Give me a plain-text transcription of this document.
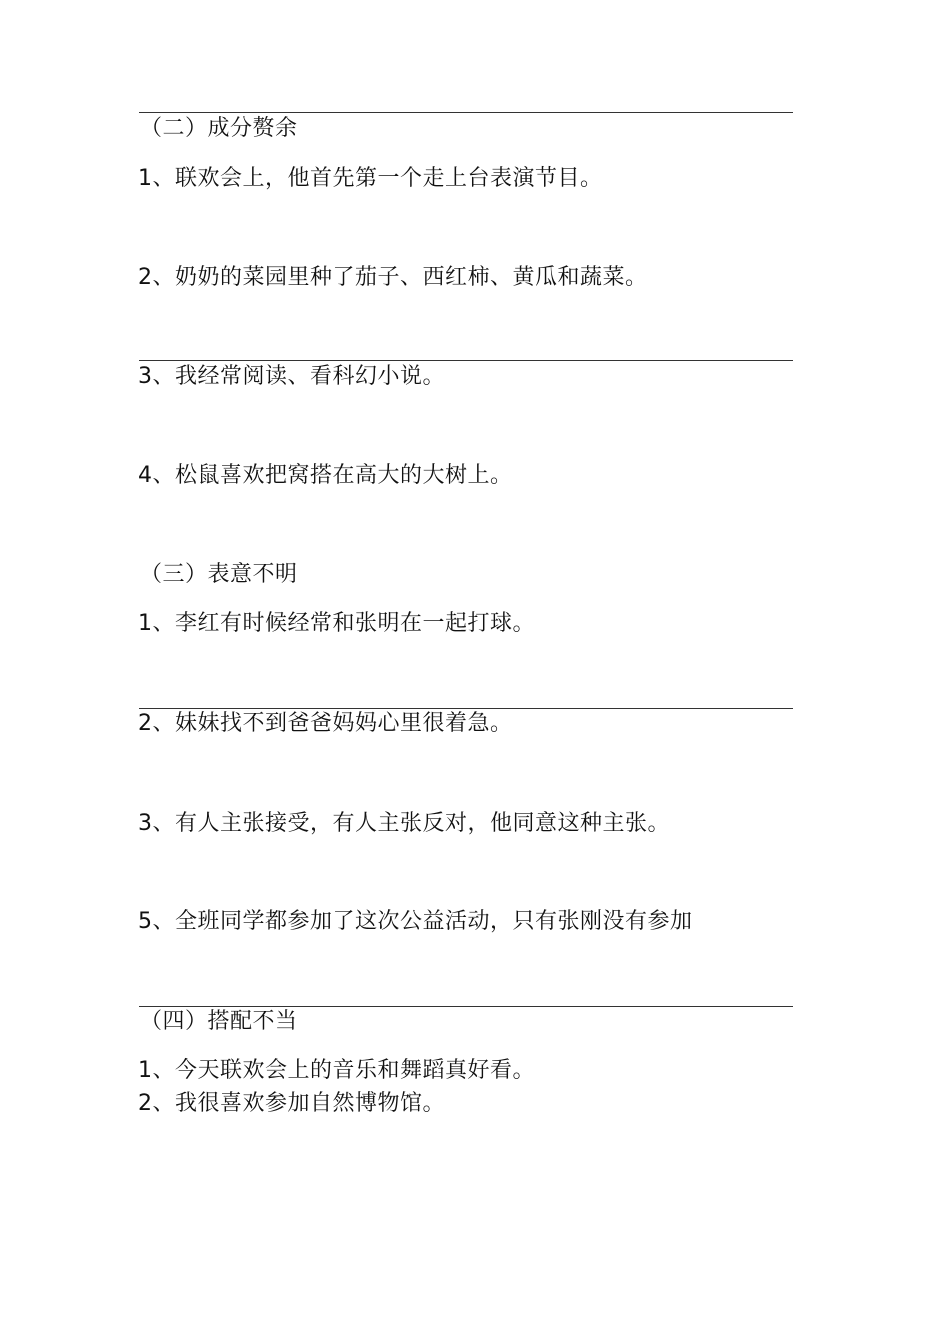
（二）成分赘余
1、联欢会上，他首先第一个走上台表演节目。
2、奶奶的菜园里种了茄子、西红柿、黄瓜和蔬菜。
3、我经常阅读、看科幻小说。
4、松鼠喜欢把窝搭在高大的大树上。
（三）表意不明
1、李红有时候经常和张明在一起打球。
2、妹妹找不到爸爸妈妈心里很着急。
3、有人主张接受，有人主张反对，他同意这种主张。
5、全班同学都参加了这次公益活动，只有张刚没有参加
（四）搭配不当
1、今天联欢会上的音乐和舞蹈真好看。
2、我很喜欢参加自然博物馆。
